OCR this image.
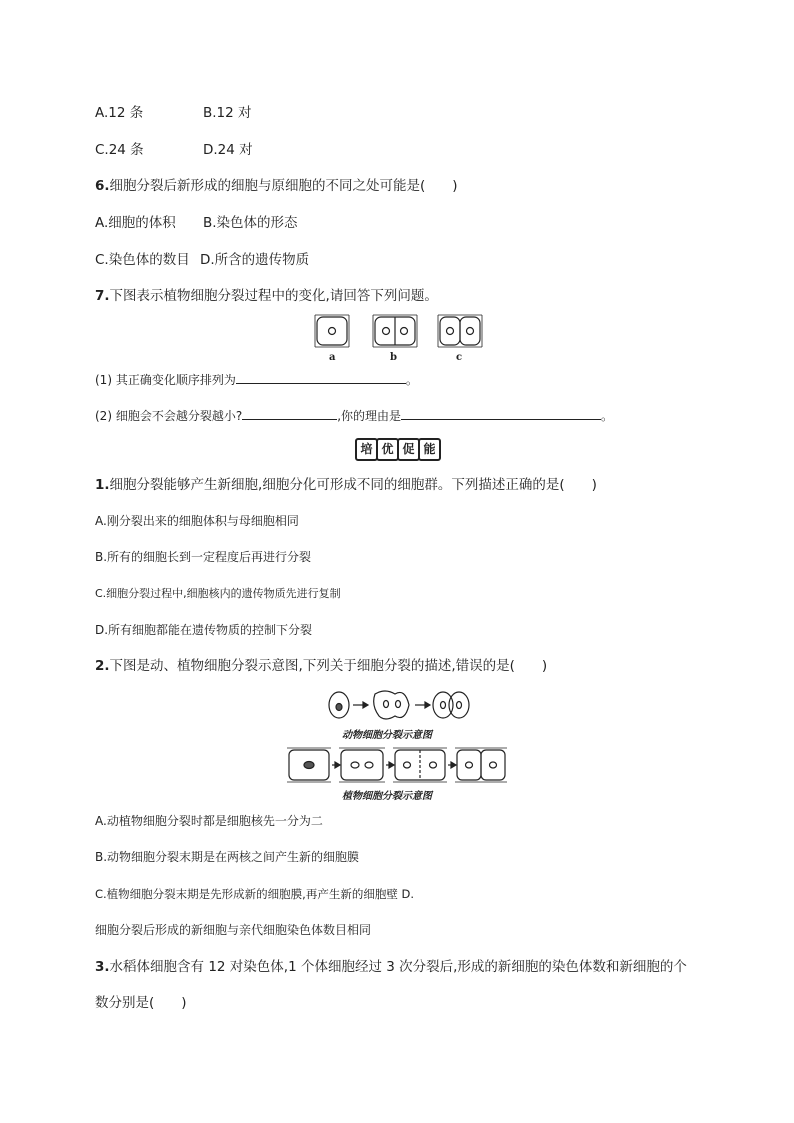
A.12 条	B.12 对
C.24 条	D.24 对
6.细胞分裂后新形成的细胞与原细胞的不同之处可能是(　　)
A.细胞的体积 B.染色体的形态
C.染色体的数目 D.所含的遗传物质
7.下图表示植物细胞分裂过程中的变化,请回答下列问题。
a	b	c
(1) 其正确变化顺序排列为	。
(2) 细胞会不会越分裂越小?	,你的理由是	。
培 优 促 能
1.细胞分裂能够产生新细胞,细胞分化可形成不同的细胞群。下列描述正确的是(　　)
A.刚分裂出来的细胞体积与母细胞相同
B.所有的细胞长到一定程度后再进行分裂
C.细胞分裂过程中,细胞核内的遗传物质先进行复制
D.所有细胞都能在遗传物质的控制下分裂
2.下图是动、植物细胞分裂示意图,下列关于细胞分裂的描述,错误的是(　　)
动物细胞分裂示意图
植物细胞分裂示意图
A.动植物细胞分裂时都是细胞核先一分为二
B.动物细胞分裂末期是在两核之间产生新的细胞膜
C.植物细胞分裂末期是先形成新的细胞膜,再产生新的细胞壁 D.
细胞分裂后形成的新细胞与亲代细胞染色体数目相同
3.水稻体细胞含有 12 对染色体,1 个体细胞经过 3 次分裂后,形成的新细胞的染色体数和新细胞的个
数分别是(　　)
